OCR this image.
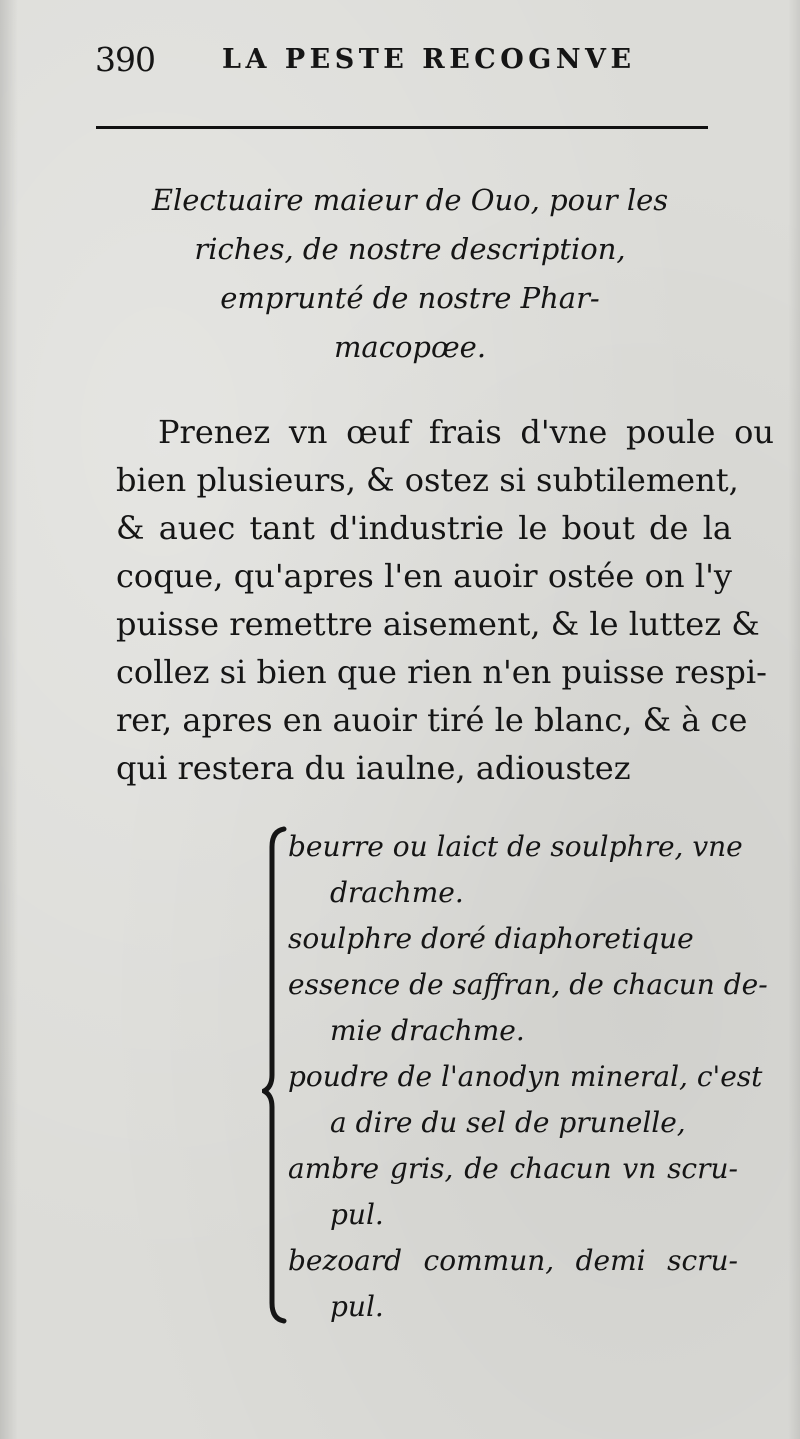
390 LA PESTE RECOGNVE
Electuaire maieur de Ouo, pour les
riches, de nostre description,
emprunté de nostre Phar-
macopœe.
Prenez vn œuf frais d'vne poule ou
bien plusieurs, & ostez si subtilement,
& auec tant d'industrie le bout de la
coque, qu'apres l'en auoir ostée on l'y
puisse remettre aisement, & le luttez &
collez si bien que rien n'en puisse respi-
rer, apres en auoir tiré le blanc, & à ce
qui restera du iaulne, adioustez
beurre ou laict de soulphre, vne
drachme.
soulphre doré diaphoretique
essence de saffran, de chacun de-
mie drachme.
poudre de l'anodyn mineral, c'est
a dire du sel de prunelle,
ambre gris, de chacun vn scru-
pul.
bezoard commun, demi scru-
pul.
